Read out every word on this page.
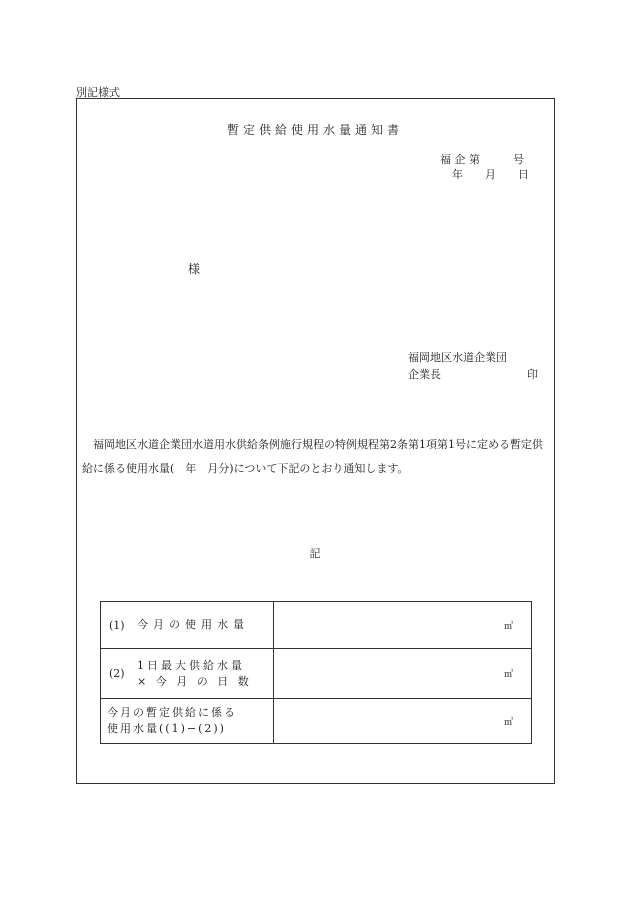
別記様式
暫定供給使用水量通知書
福 企 第　　　号
年　　月　　日
様
福岡地区水道企業団
企業長	印
福岡地区水道企業団水道用水供給条例施行規程の特例規程第2条第1項第1号に定める暫定供給に係る使用水量(　年　月分)について下記のとおり通知します。
記
(1) 今月の使用水量	㎥
(2)1日最大供給水量
× 今 月 の 日 数	㎥
今月の暫定供給に係る
使用水量((1)−(2))	㎥
